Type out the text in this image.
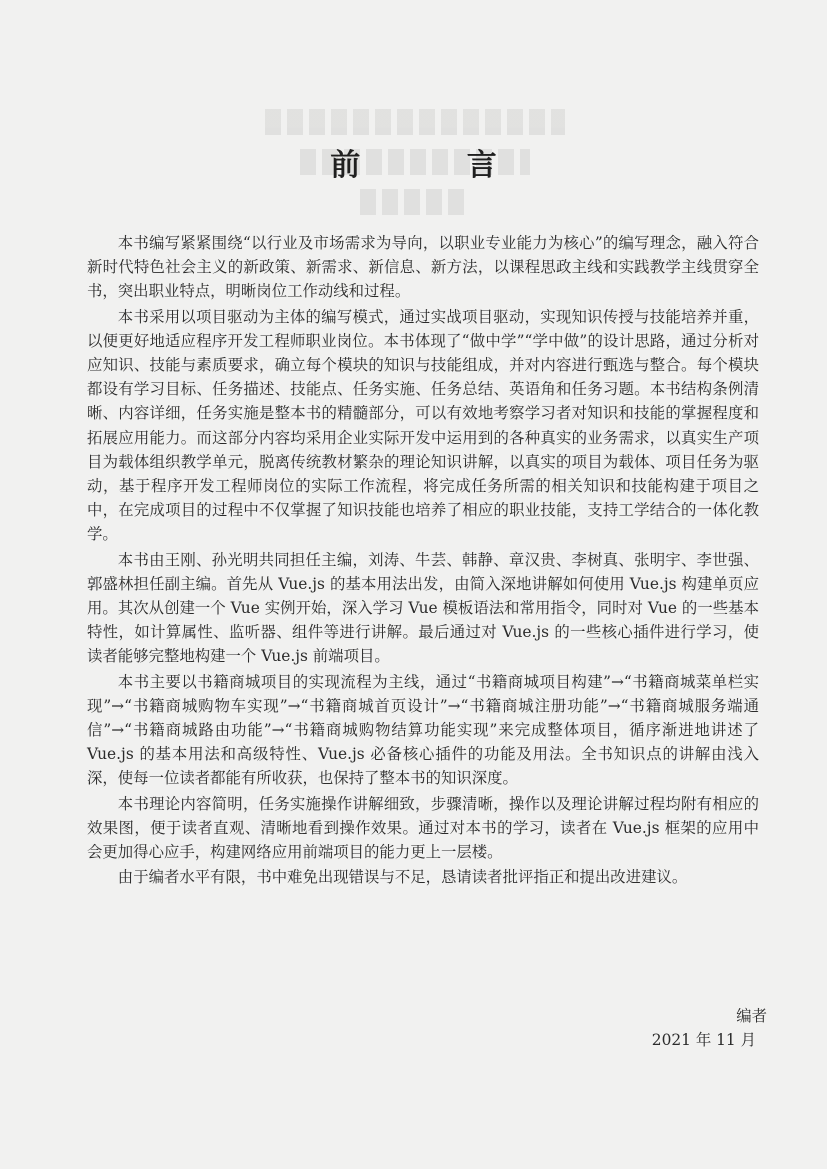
前 言

本书编写紧紧围绕“以行业及市场需求为导向，以职业专业能力为核心”的编写理念，融入符合新时代特色社会主义的新政策、新需求、新信息、新方法，以课程思政主线和实践教学主线贯穿全书，突出职业特点，明晰岗位工作动线和过程。

本书采用以项目驱动为主体的编写模式，通过实战项目驱动，实现知识传授与技能培养并重，以便更好地适应程序开发工程师职业岗位。本书体现了“做中学”“学中做”的设计思路，通过分析对应知识、技能与素质要求，确立每个模块的知识与技能组成，并对内容进行甄选与整合。每个模块都设有学习目标、任务描述、技能点、任务实施、任务总结、英语角和任务习题。本书结构条例清晰、内容详细，任务实施是整本书的精髓部分，可以有效地考察学习者对知识和技能的掌握程度和拓展应用能力。而这部分内容均采用企业实际开发中运用到的各种真实的业务需求，以真实生产项目为载体组织教学单元，脱离传统教材繁杂的理论知识讲解，以真实的项目为载体、项目任务为驱动，基于程序开发工程师岗位的实际工作流程，将完成任务所需的相关知识和技能构建于项目之中，在完成项目的过程中不仅掌握了知识技能也培养了相应的职业技能，支持工学结合的一体化教学。

本书由王刚、孙光明共同担任主编，刘涛、牛芸、韩静、章汉贵、李树真、张明宇、李世强、郭盛林担任副主编。首先从 Vue.js 的基本用法出发，由简入深地讲解如何使用 Vue.js 构建单页应用。其次从创建一个 Vue 实例开始，深入学习 Vue 模板语法和常用指令，同时对 Vue 的一些基本特性，如计算属性、监听器、组件等进行讲解。最后通过对 Vue.js 的一些核心插件进行学习，使读者能够完整地构建一个 Vue.js 前端项目。

本书主要以书籍商城项目的实现流程为主线，通过“书籍商城项目构建”→“书籍商城菜单栏实现”→“书籍商城购物车实现”→“书籍商城首页设计”→“书籍商城注册功能”→“书籍商城服务端通信”→“书籍商城路由功能”→“书籍商城购物结算功能实现”来完成整体项目，循序渐进地讲述了 Vue.js 的基本用法和高级特性、Vue.js 必备核心插件的功能及用法。全书知识点的讲解由浅入深，使每一位读者都能有所收获，也保持了整本书的知识深度。

本书理论内容简明，任务实施操作讲解细致，步骤清晰，操作以及理论讲解过程均附有相应的效果图，便于读者直观、清晰地看到操作效果。通过对本书的学习，读者在 Vue.js 框架的应用中会更加得心应手，构建网络应用前端项目的能力更上一层楼。

由于编者水平有限，书中难免出现错误与不足，恳请读者批评指正和提出改进建议。

编者
2021 年 11 月
